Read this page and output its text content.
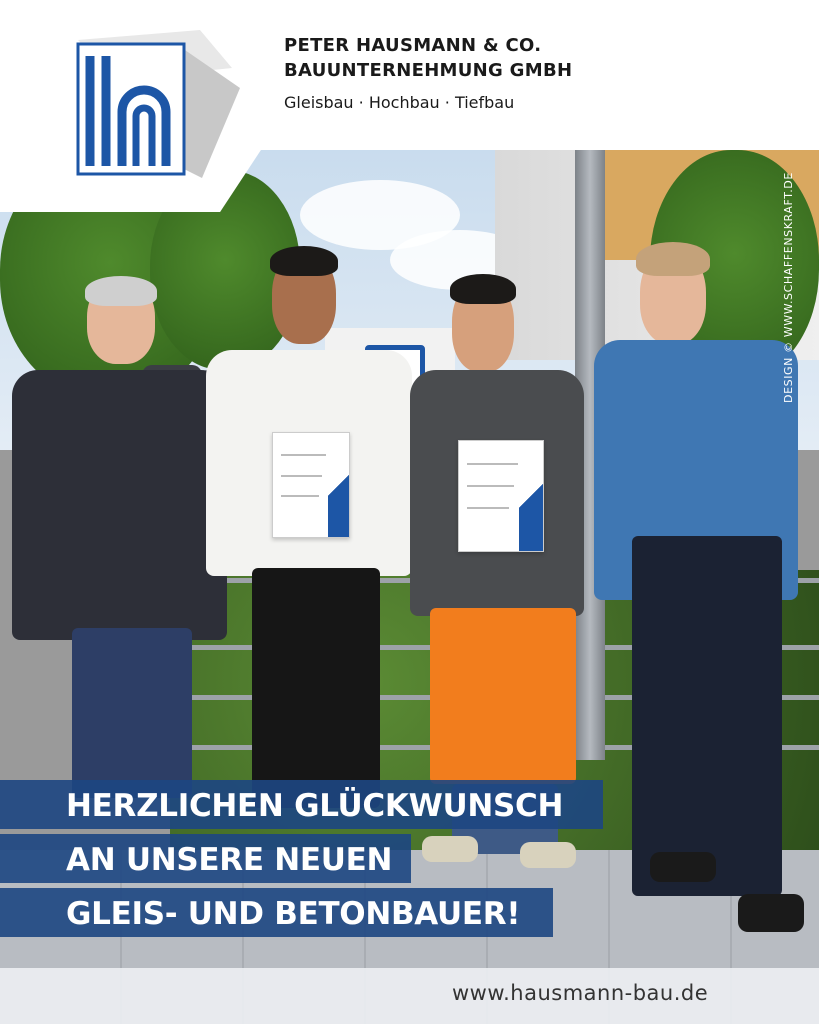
PETER HAUSMANN & CO.
BAUUNTERNEHMUNG GMBH
Gleisbau · Hochbau · Tiefbau
DESIGN © WWW.SCHAFFENSKRAFT.DE
HERZLICHEN GLÜCKWUNSCH
AN UNSERE NEUEN
GLEIS- UND BETONBAUER!
www.hausmann-bau.de
